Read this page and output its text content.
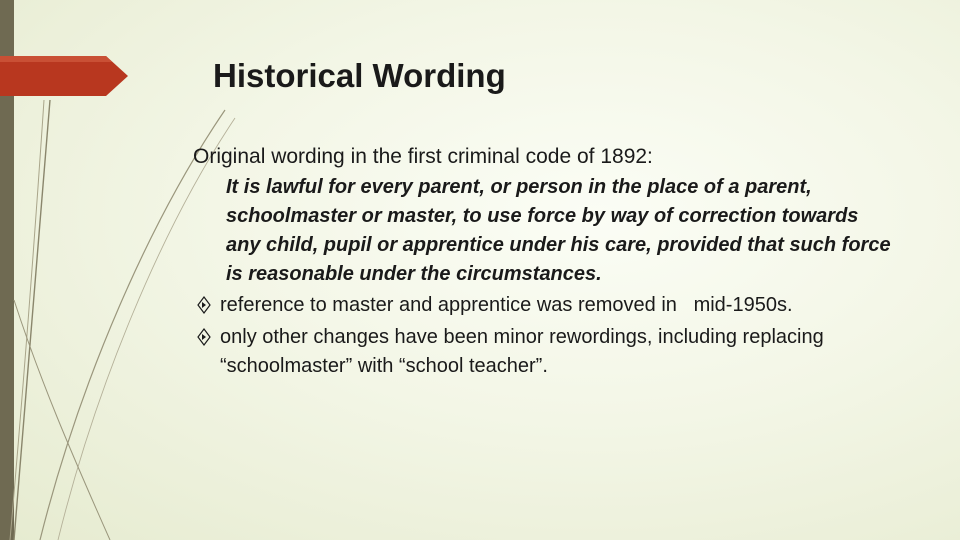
Historical Wording

Original wording in the first criminal code of 1892:

It is lawful for every parent, or person in the place of a parent, schoolmaster or master, to use force by way of correction towards any child, pupil or apprentice under his care, provided that such force is reasonable under the circumstances.

reference to master and apprentice was removed in   mid-1950s.

only other changes have been minor rewordings, including replacing “schoolmaster” with “school teacher”.
